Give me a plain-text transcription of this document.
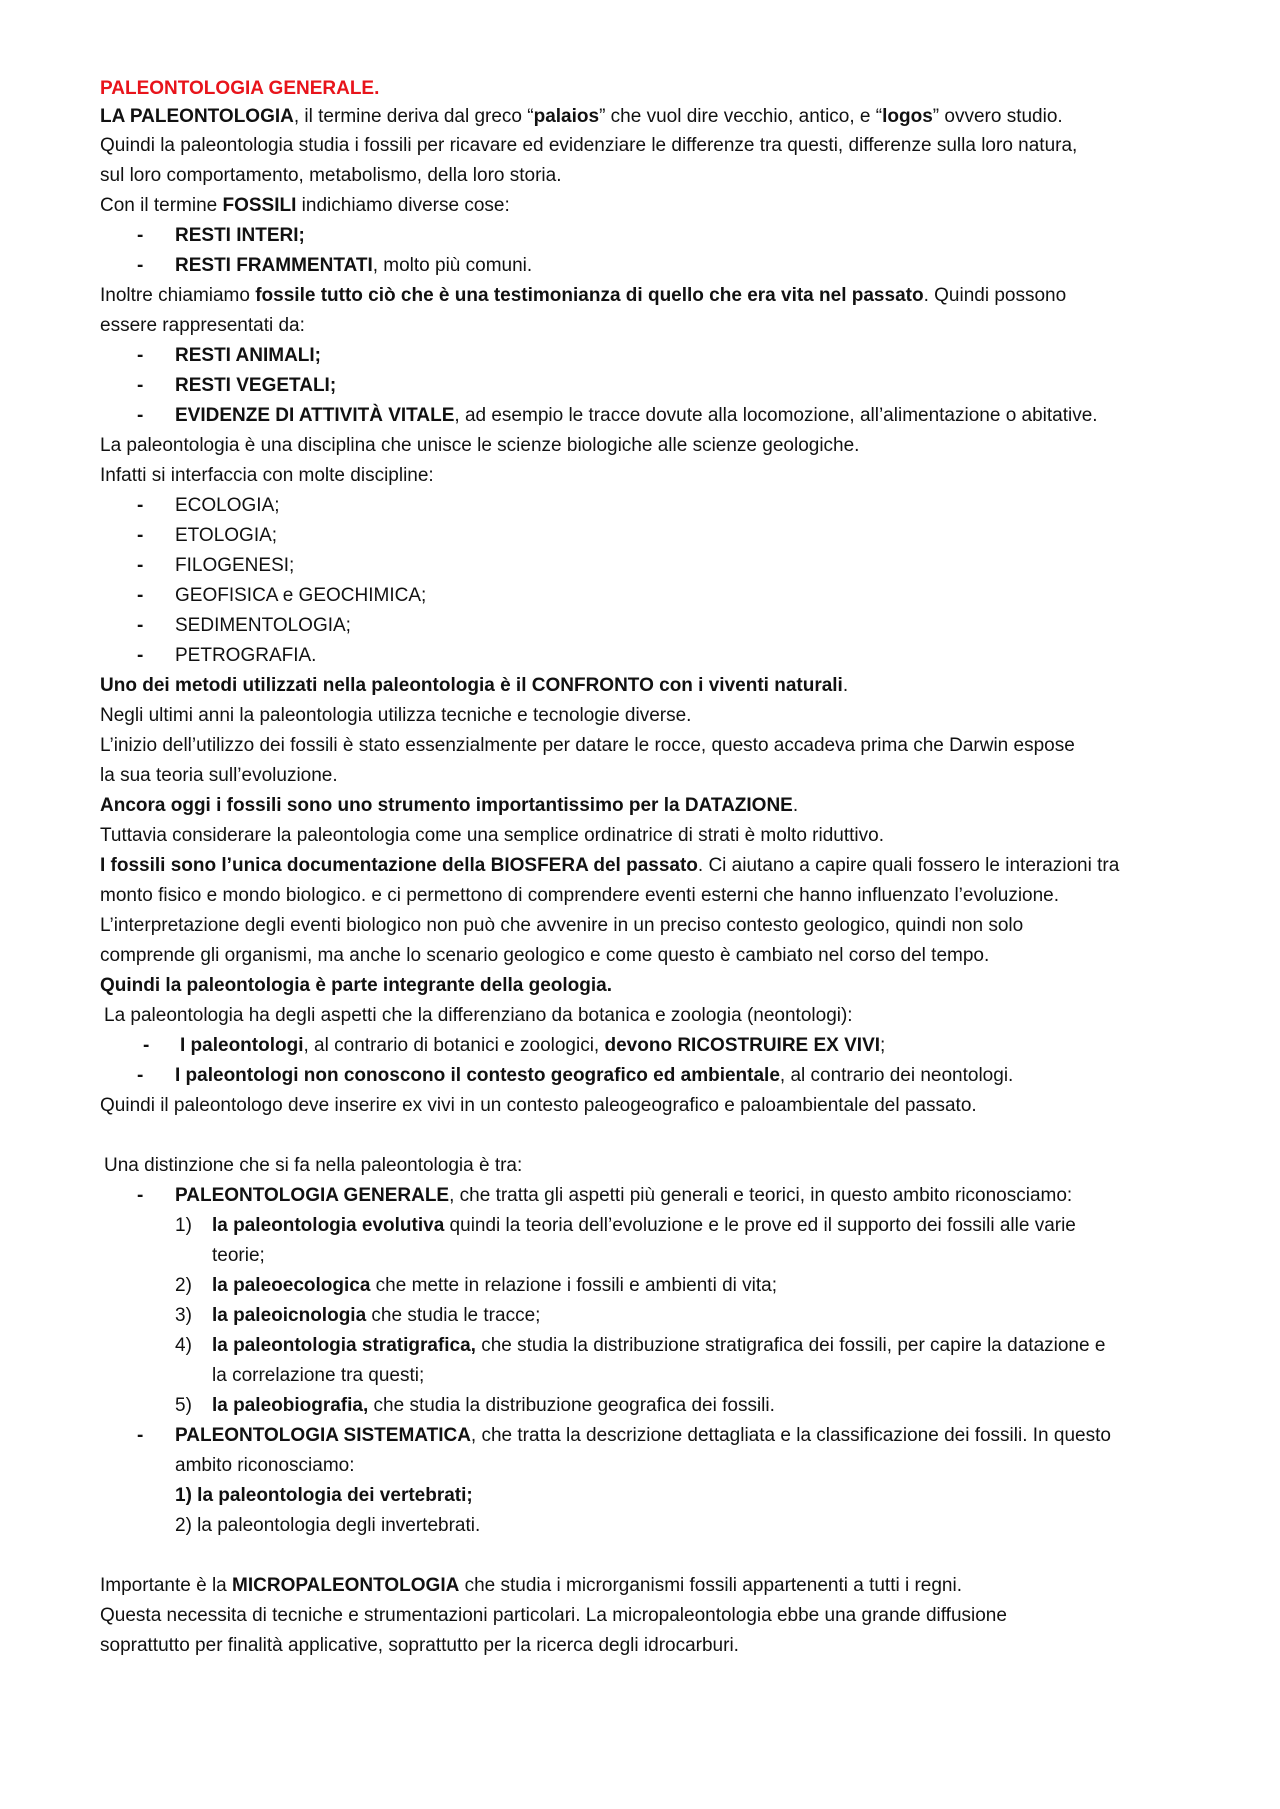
PALEONTOLOGIA GENERALE.
LA PALEONTOLOGIA, il termine deriva dal greco “palaios” che vuol dire vecchio, antico, e “logos” ovvero studio.
Quindi la paleontologia studia i fossili per ricavare ed evidenziare le differenze tra questi, differenze sulla loro natura,
sul loro comportamento, metabolismo, della loro storia.
Con il termine FOSSILI indichiamo diverse cose:
- RESTI INTERI;
- RESTI FRAMMENTATI, molto più comuni.
Inoltre chiamiamo fossile tutto ciò che è una testimonianza di quello che era vita nel passato. Quindi possono
essere rappresentati da:
- RESTI ANIMALI;
- RESTI VEGETALI;
- EVIDENZE DI ATTIVITÀ VITALE, ad esempio le tracce dovute alla locomozione, all’alimentazione o abitative.
La paleontologia è una disciplina che unisce le scienze biologiche alle scienze geologiche.
Infatti si interfaccia con molte discipline:
- ECOLOGIA;
- ETOLOGIA;
- FILOGENESI;
- GEOFISICA e GEOCHIMICA;
- SEDIMENTOLOGIA;
- PETROGRAFIA.
Uno dei metodi utilizzati nella paleontologia è il CONFRONTO con i viventi naturali.
Negli ultimi anni la paleontologia utilizza tecniche e tecnologie diverse.
L’inizio dell’utilizzo dei fossili è stato essenzialmente per datare le rocce, questo accadeva prima che Darwin espose
la sua teoria sull’evoluzione.
Ancora oggi i fossili sono uno strumento importantissimo per la DATAZIONE.
Tuttavia considerare la paleontologia come una semplice ordinatrice di strati è molto riduttivo.
I fossili sono l’unica documentazione della BIOSFERA del passato. Ci aiutano a capire quali fossero le interazioni tra
monto fisico e mondo biologico. e ci permettono di comprendere eventi esterni che hanno influenzato l’evoluzione.
L’interpretazione degli eventi biologico non può che avvenire in un preciso contesto geologico, quindi non solo
comprende gli organismi, ma anche lo scenario geologico e come questo è cambiato nel corso del tempo.
Quindi la paleontologia è parte integrante della geologia.
La paleontologia ha degli aspetti che la differenziano da botanica e zoologia (neontologi):
- I paleontologi, al contrario di botanici e zoologici, devono RICOSTRUIRE EX VIVI;
- I paleontologi non conoscono il contesto geografico ed ambientale, al contrario dei neontologi.
Quindi il paleontologo deve inserire ex vivi in un contesto paleogeografico e paloambientale del passato.
Una distinzione che si fa nella paleontologia è tra:
- PALEONTOLOGIA GENERALE, che tratta gli aspetti più generali e teorici, in questo ambito riconosciamo:
1) la paleontologia evolutiva quindi la teoria dell’evoluzione e le prove ed il supporto dei fossili alle varie
teorie;
2) la paleoecologica che mette in relazione i fossili e ambienti di vita;
3) la paleoicnologia che studia le tracce;
4) la paleontologia stratigrafica, che studia la distribuzione stratigrafica dei fossili, per capire la datazione e
la correlazione tra questi;
5) la paleobiografia, che studia la distribuzione geografica dei fossili.
- PALEONTOLOGIA SISTEMATICA, che tratta la descrizione dettagliata e la classificazione dei fossili. In questo
ambito riconosciamo:
1) la paleontologia dei vertebrati;
2) la paleontologia degli invertebrati.
Importante è la MICROPALEONTOLOGIA che studia i microrganismi fossili appartenenti a tutti i regni.
Questa necessita di tecniche e strumentazioni particolari. La micropaleontologia ebbe una grande diffusione
soprattutto per finalità applicative, soprattutto per la ricerca degli idrocarburi.
